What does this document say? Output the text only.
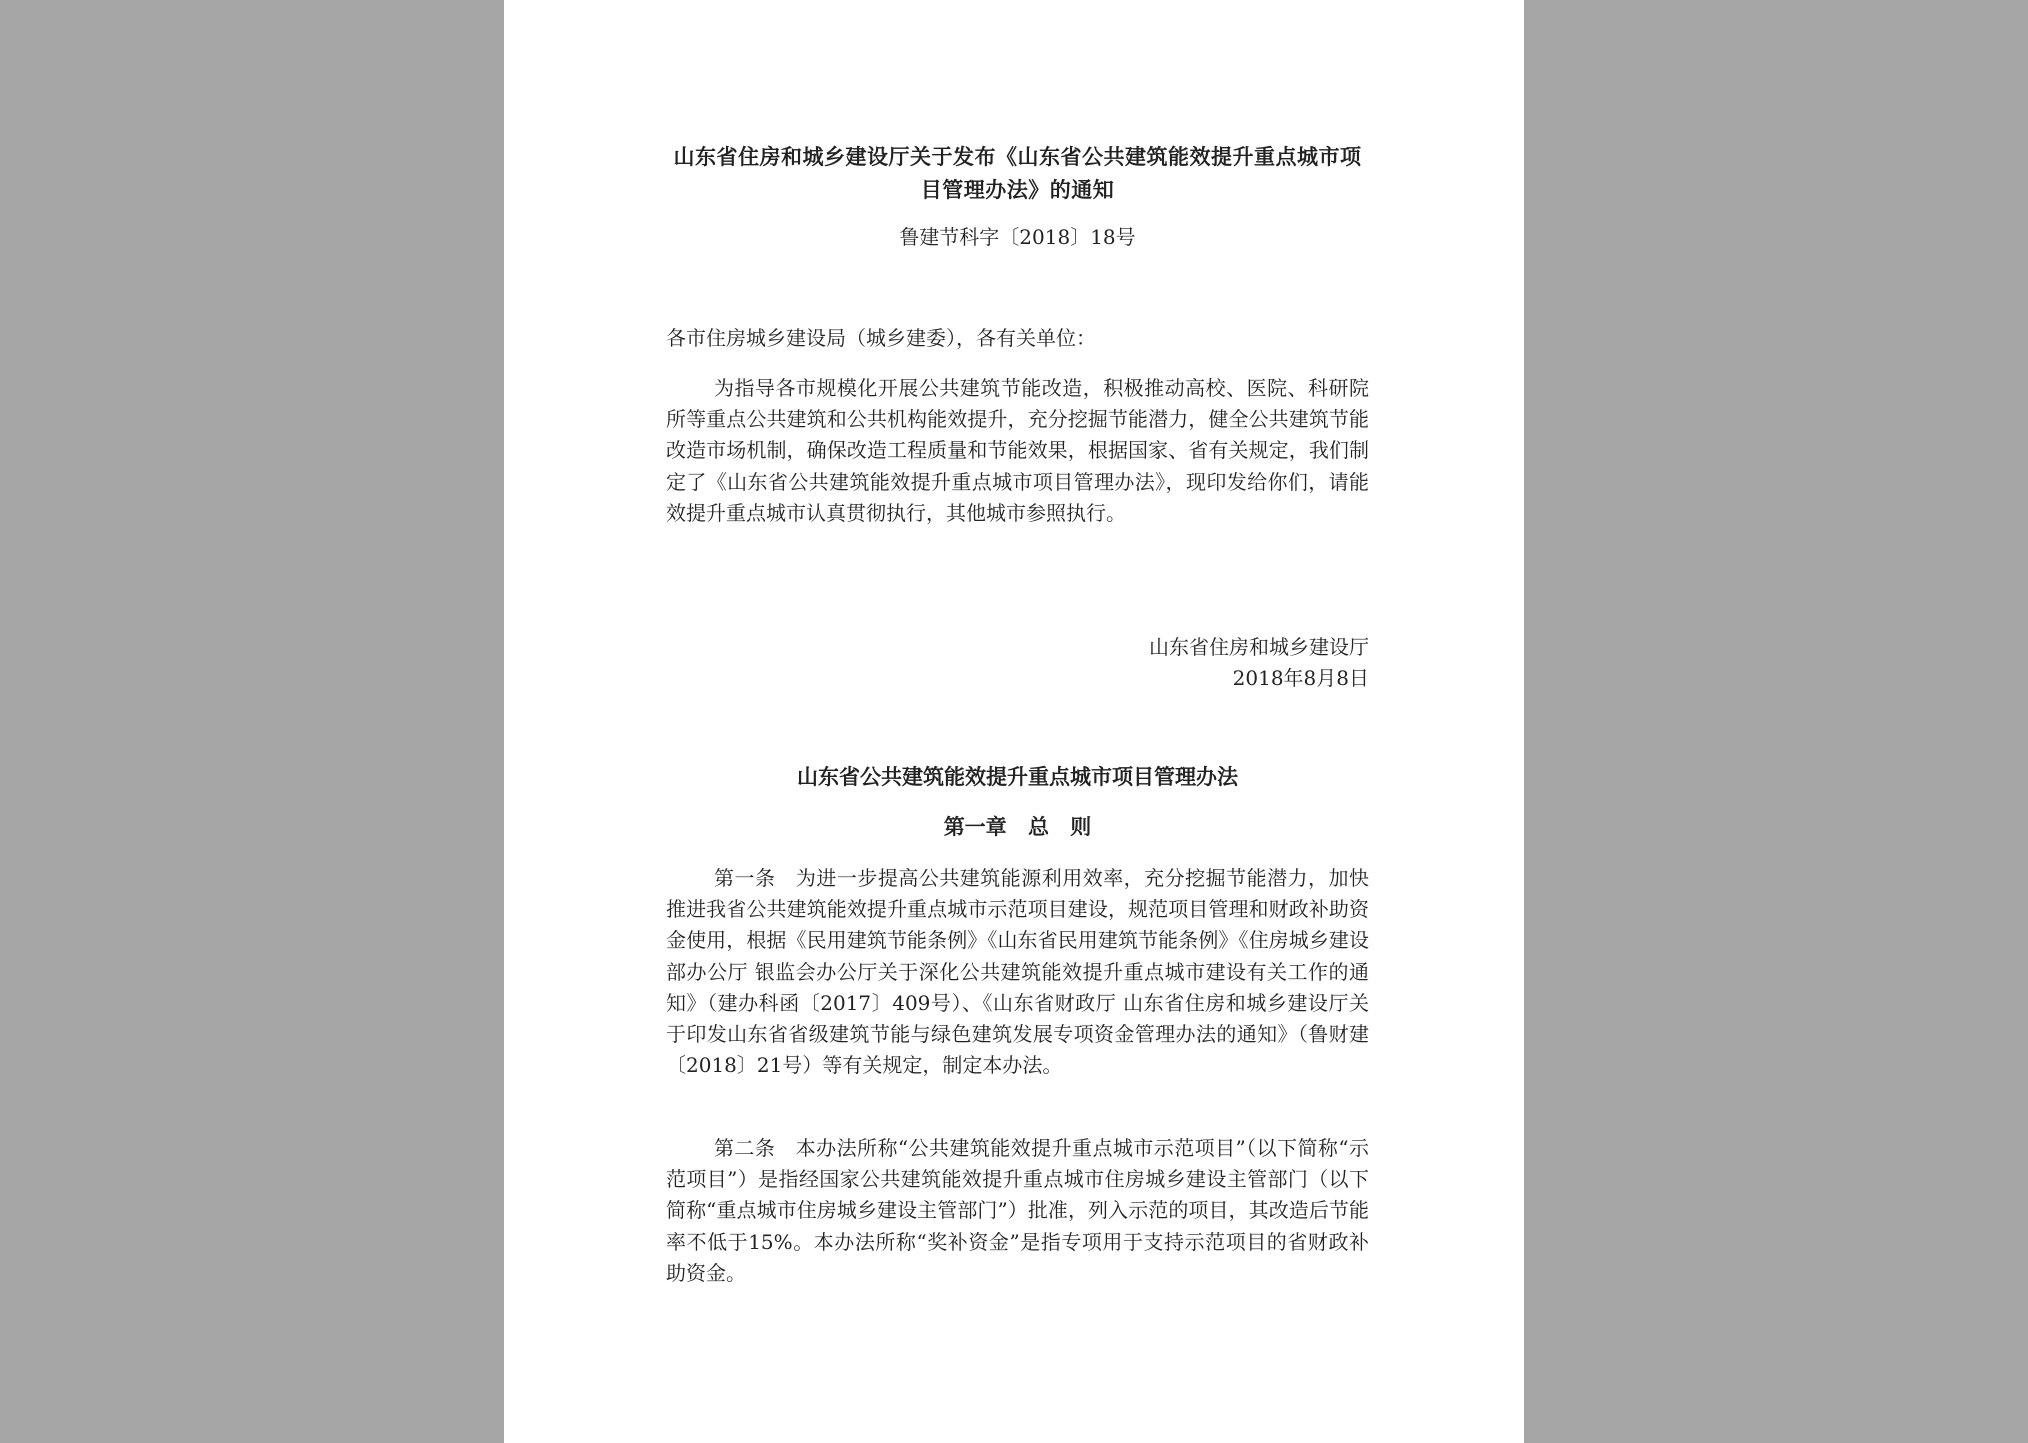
山东省住房和城乡建设厅关于发布《山东省公共建筑能效提升重点城市项目管理办法》的通知

鲁建节科字〔2018〕18号

各市住房城乡建设局（城乡建委），各有关单位：

为指导各市规模化开展公共建筑节能改造，积极推动高校、医院、科研院所等重点公共建筑和公共机构能效提升，充分挖掘节能潜力，健全公共建筑节能改造市场机制，确保改造工程质量和节能效果，根据国家、省有关规定，我们制定了《山东省公共建筑能效提升重点城市项目管理办法》，现印发给你们，请能效提升重点城市认真贯彻执行，其他城市参照执行。

山东省住房和城乡建设厅
2018年8月8日

山东省公共建筑能效提升重点城市项目管理办法

第一章 总 则

第一条　为进一步提高公共建筑能源利用效率，充分挖掘节能潜力，加快推进我省公共建筑能效提升重点城市示范项目建设，规范项目管理和财政补助资金使用，根据《民用建筑节能条例》《山东省民用建筑节能条例》《住房城乡建设部办公厅 银监会办公厅关于深化公共建筑能效提升重点城市建设有关工作的通知》（建办科函〔2017〕409号）、《山东省财政厅 山东省住房和城乡建设厅关于印发山东省省级建筑节能与绿色建筑发展专项资金管理办法的通知》（鲁财建〔2018〕21号）等有关规定，制定本办法。

第二条　本办法所称“公共建筑能效提升重点城市示范项目”（以下简称“示范项目”）是指经国家公共建筑能效提升重点城市住房城乡建设主管部门（以下简称“重点城市住房城乡建设主管部门”）批准，列入示范的项目，其改造后节能率不低于15%。本办法所称“奖补资金”是指专项用于支持示范项目的省财政补助资金。
